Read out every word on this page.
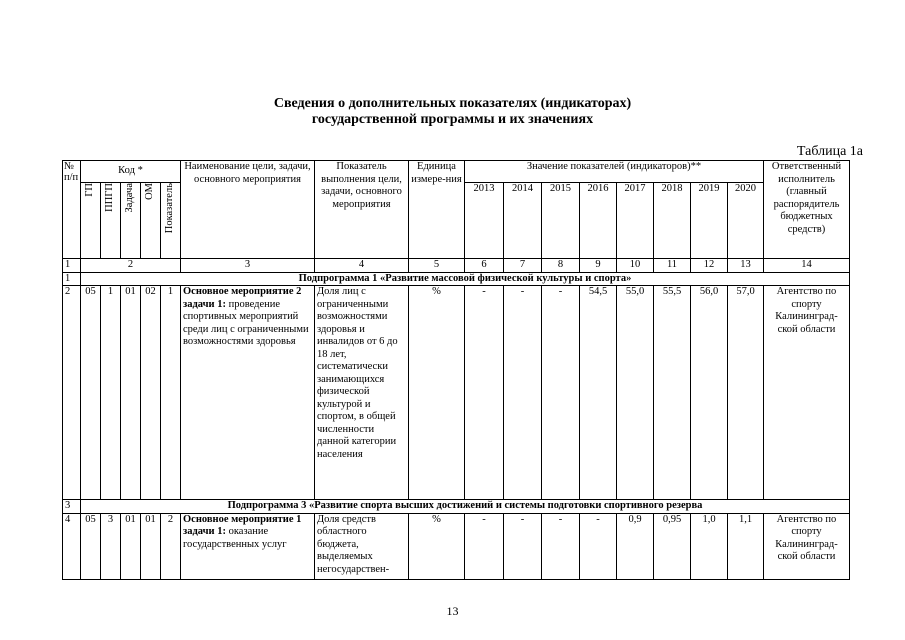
Сведения о дополнительных показателях (индикаторах)
государственной программы и их значениях
Таблица 1а
№ п/п	Код *					Наименование цели, задачи, основного мероприятия	Показатель выполнения цели, задачи, основного мероприятия	Единица измере-ния	Значение показателей (индикаторов)**								Ответственный исполнитель (главный распорядитель бюджетных средств)
	ГП	ППГП	Задача	ОМ	Показатель				2013	2014	2015	2016	2017	2018	2019	2020	
1	2					3	4	5	6	7	8	9	10	11	12	13	14
1	Подпрограмма 1 «Развитие массовой физической культуры и спорта»																
2	05	1	01	02	1	Основное мероприятие 2 задачи 1: проведение спортивных мероприятий среди лиц с ограниченными возможностями здоровья	Доля лиц с ограниченными возможностями здоровья и инвалидов от 6 до 18 лет, систематически занимающихся физической культурой и спортом, в общей численности данной категории населения	%	-	-	-	54,5	55,0	55,5	56,0	57,0	Агентство по спорту Калининград-ской области
3	Подпрограмма 3 «Развитие спорта высших достижений и системы подготовки спортивного резерва																
4	05	3	01	01	2	Основное мероприятие 1 задачи 1: оказание государственных услуг	Доля средств областного бюджета, выделяемых негосударствен-	%	-	-	-	-	0,9	0,95	1,0	1,1	Агентство по спорту Калининград-ской области
13
